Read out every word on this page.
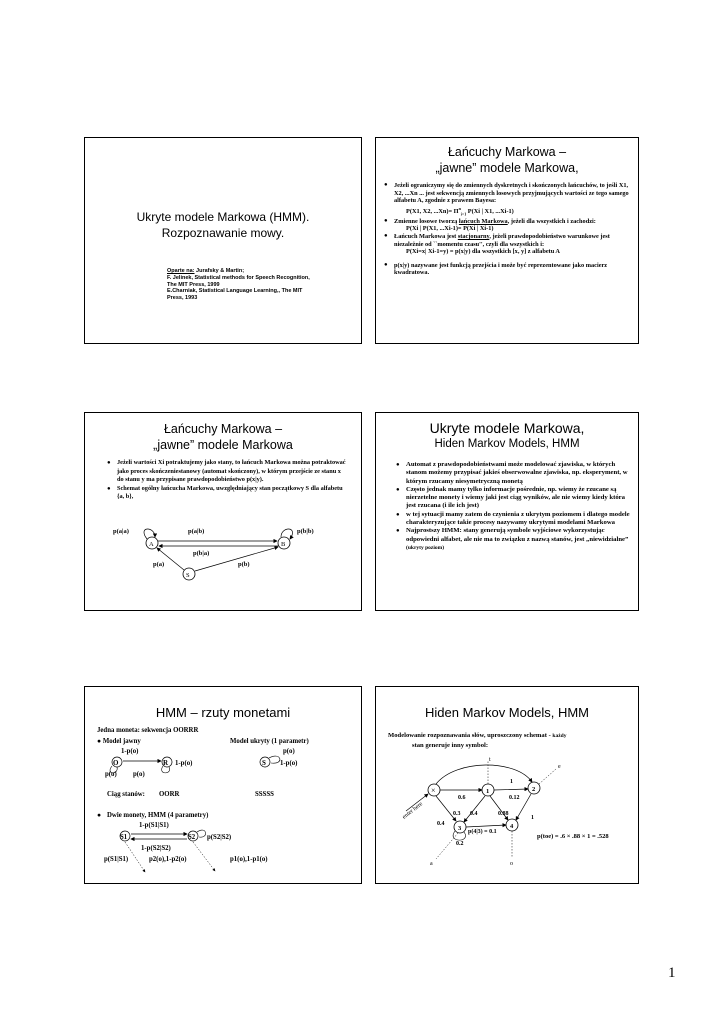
Ukryte modele Markowa (HMM).
Rozpoznawanie mowy.
Oparte na: Jurafsky & Martin;
F. Jelinek, Statistical methods for Speech Recognition,
The MIT Press, 1999
E.Charniak, Statistical Language Learning,, The MIT
Press, 1993
Łańcuchy Markowa –
„jawne” modele Markowa,
● Jeżeli ograniczymy się do zmiennych dyskretnych i skończonych łańcuchów, to jeśli X1, X2, ...Xn ... jest sekwencją zmiennych losowych przyjmujących wartości ze tego samego alfabetu A, zgodnie z prawem Bayesa:
P(X1, X2, $...Xn)= \Pi^n_{i=1}$ P(Xi | X1, ...Xi-1)
● Zmienne losowe tworzą łańcuch Markowa, jeżeli dla wszystkich i zachodzi:
P(Xi | P(X1, ...Xi-1)= P(Xi | Xi-1)
● Łańcuch Markowa jest stacjonarny, jeżeli prawdopodobieństwo warunkowe jest niezależnie od ``momentu czasu'', czyli dla wszystkich i:
P(Xi=x| Xi-1=y) = p(x|y) dla wszystkich [x, y] z alfabetu A
● p(x|y) nazywane jest funkcją przejścia i może być reprezentowane jako macierz kwadratowa.
Łańcuchy Markowa –
„jawne” modele Markowa
● Jeżeli wartości Xi potraktujemy jako stany, to łańcuch Markowa można potraktować jako proces skończeniestanowy (automat skończony), w którym przejście ze stanu x do stanu y ma przypisane prawdopodobieństwo p(x|y).
● Schemat ogólny łańcucha Markowa, uwzględniający stan początkowy S dla alfabetu {a, b},
A	B
S
p(a|a)	p(a|b)	p(b|b)
p(b|a)
p(a)	p(b)
Ukryte modele Markowa,
Hiden Markov Models, HMM
● Automat z prawdopodobieństwami może modelować zjawiska, w których stanom możemy przypisać jakieś obserwowalne zjawiska, np. eksperyment, w którym rzucamy niesymetryczną monetą
● Często jednak mamy tylko informacje pośrednie, np. wiemy że rzucane są nierzetelne monety i wiemy jaki jest ciąg wyników, ale nie wiemy kiedy która jest rzucana (i ile ich jest)
● w tej sytuacji mamy zatem do czynienia z ukrytym poziomem i dlatego modele charakteryzujące takie procesy nazywamy ukrytymi modelami Markowa
● Najprostszy HMM: stany generują symbole wyjściowe wykorzystując odpowiedni alfabet, ale nie ma to związku z nazwą stanów, jest „niewidzialne” (ukryty poziom)
HMM – rzuty monetami
Jedna moneta: sekwencja OORRR
● Model jawny	Model ukryty (1 parametr)
1-p(o)
O	R 1-p(o)
p(o) p(o)
p(o)
S 1-p(o)
Ciąg stanów: OORR	SSSSS
● Dwie monety, HMM (4 parametry)
1-p(S1|S1)
S1	S2 p(S2|S2)
1-p(S2|S2)
p(S1|S1)	p2(o),1-p2(o)	p1(o),1-p1(o)
Hiden Markov Models, HMM
Modelowanie rozpoznawania słów, uproszczony schemat - każdy
stan generuje inny symbol:
enter here
×	1	2
3	4
t
e
a	o
0.6
1
0.12
0.3 0.4	0.88
0.4
1
p(4|3) = 0.1
0.2
p(toe) = .6 × .88 × 1 = .528
1
